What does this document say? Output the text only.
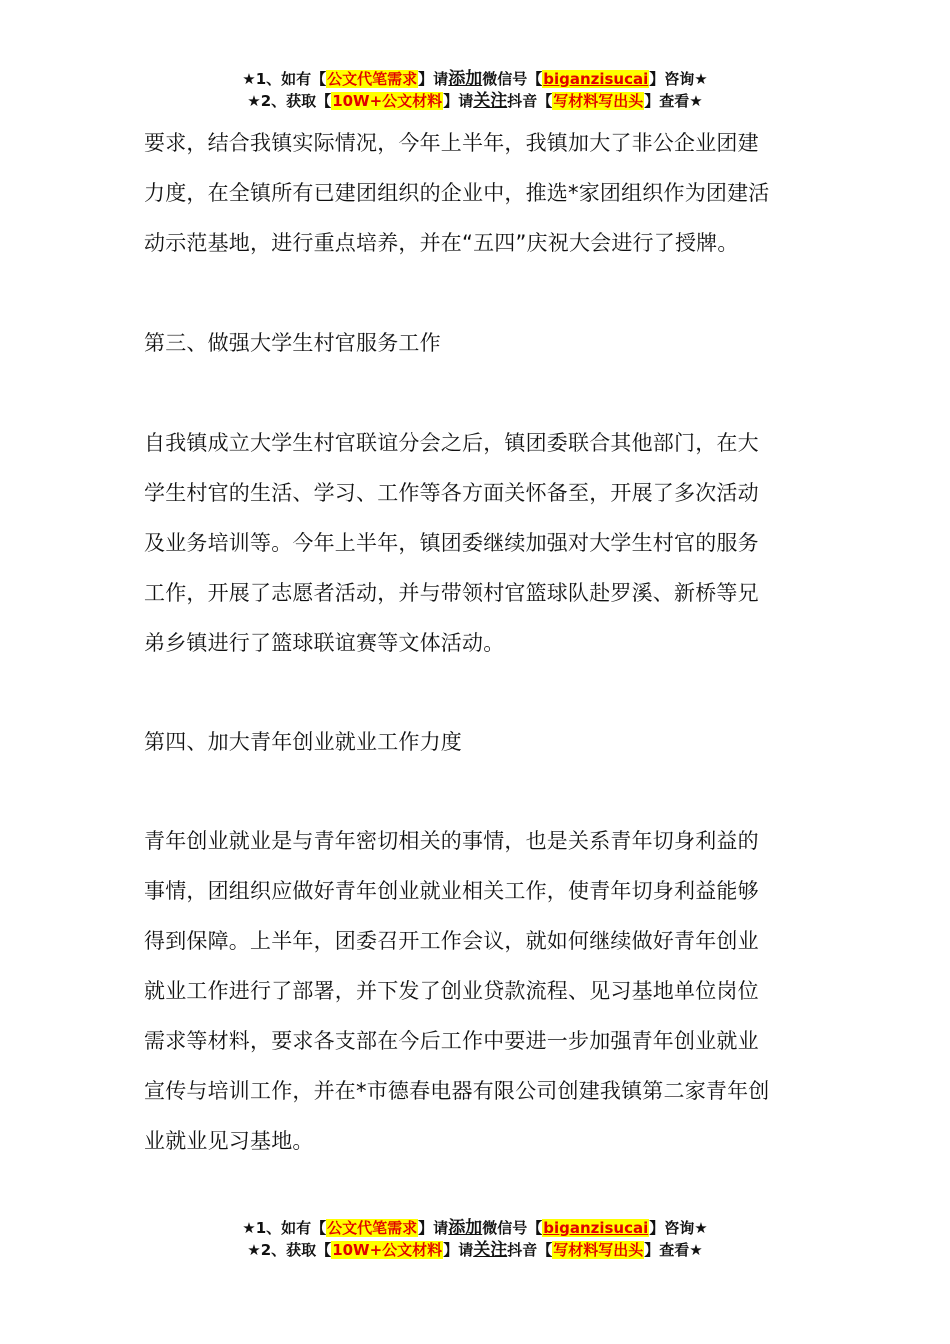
★1、如有【公文代笔需求】请添加微信号【biganzisucai】咨询★
★2、获取【10W+公文材料】请关注抖音【写材料写出头】查看★

要求，结合我镇实际情况，今年上半年，我镇加大了非公企业团建

力度，在全镇所有已建团组织的企业中，推选*家团组织作为团建活

动示范基地，进行重点培养，并在“五四”庆祝大会进行了授牌。

第三、做强大学生村官服务工作

自我镇成立大学生村官联谊分会之后，镇团委联合其他部门，在大

学生村官的生活、学习、工作等各方面关怀备至，开展了多次活动

及业务培训等。今年上半年，镇团委继续加强对大学生村官的服务

工作，开展了志愿者活动，并与带领村官篮球队赴罗溪、新桥等兄

弟乡镇进行了篮球联谊赛等文体活动。

第四、加大青年创业就业工作力度

青年创业就业是与青年密切相关的事情，也是关系青年切身利益的

事情，团组织应做好青年创业就业相关工作，使青年切身利益能够

得到保障。上半年，团委召开工作会议，就如何继续做好青年创业

就业工作进行了部署，并下发了创业贷款流程、见习基地单位岗位

需求等材料，要求各支部在今后工作中要进一步加强青年创业就业

宣传与培训工作，并在*市德春电器有限公司创建我镇第二家青年创

业就业见习基地。

★1、如有【公文代笔需求】请添加微信号【biganzisucai】咨询★
★2、获取【10W+公文材料】请关注抖音【写材料写出头】查看★
